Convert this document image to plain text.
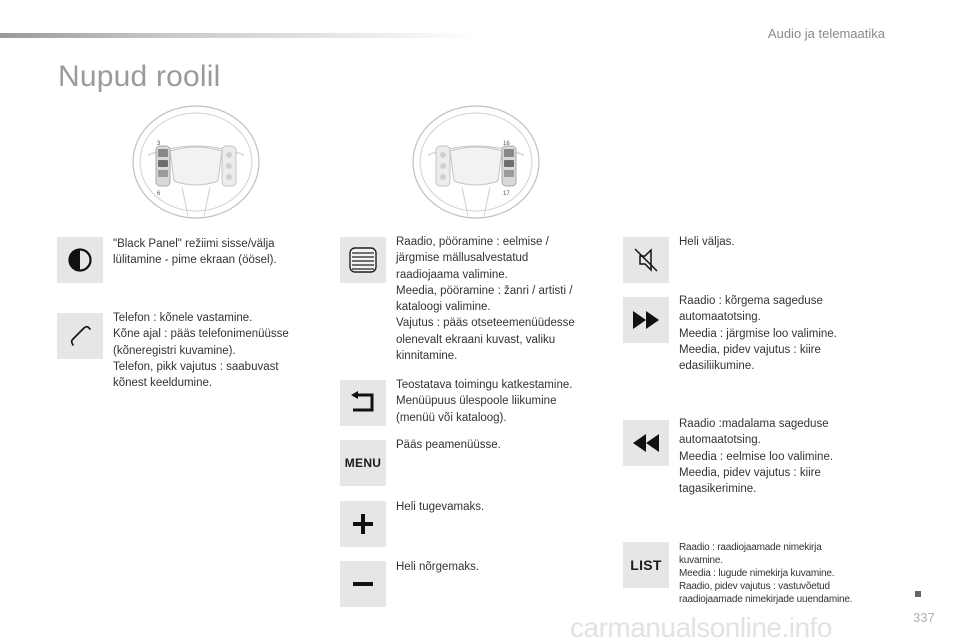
Audio ja telemaatika
Nupud roolil
3
6
16
17
"Black Panel" režiimi sisse/välja
lülitamine - pime ekraan (öösel).
Telefon : kõnele vastamine.
Kõne ajal : pääs telefonimenüüsse
(kõneregistri kuvamine).
Telefon, pikk vajutus : saabuvast
kõnest keeldumine.
Raadio, pööramine : eelmise /
järgmise mällusalvestatud
raadiojaama valimine.
Meedia, pööramine : žanri / artisti /
kataloogi valimine.
Vajutus : pääs otseteemenüüdesse
olenevalt ekraani kuvast, valiku
kinnitamine.
Teostatava toimingu katkestamine.
Menüüpuus ülespoole liikumine
(menüü või kataloog).
MENU
Pääs peamenüüsse.
Heli tugevamaks.
Heli nõrgemaks.
Heli väljas.
Raadio : kõrgema sageduse
automaatotsing.
Meedia : järgmise loo valimine.
Meedia, pidev vajutus : kiire
edasiliikumine.
Raadio :madalama sageduse
automaatotsing.
Meedia : eelmise loo valimine.
Meedia, pidev vajutus : kiire
tagasikerimine.
LIST
Raadio : raadiojaamade nimekirja
kuvamine.
Meedia : lugude nimekirja kuvamine.
Raadio, pidev vajutus : vastuvõetud
raadiojaamade nimekirjade uuendamine.
carmanualsonline.info	337
